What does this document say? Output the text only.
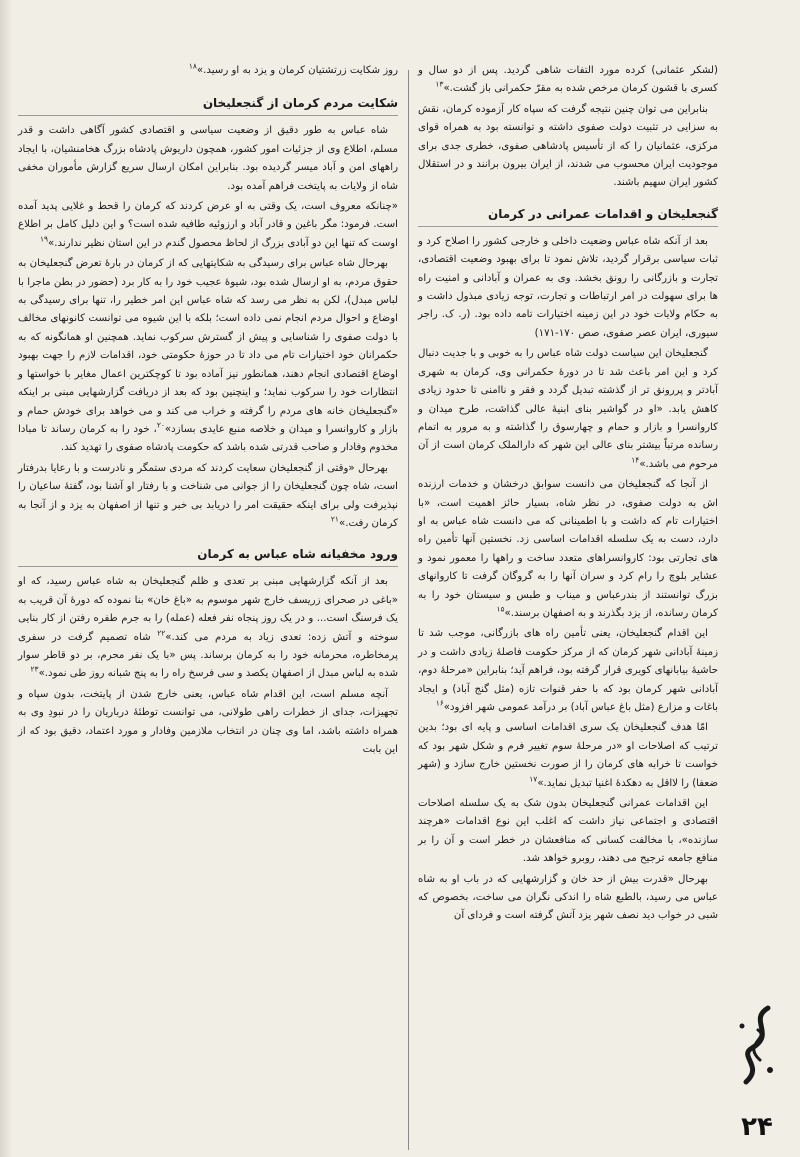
(لشکر عثمانی) کرده مورد التفات شاهی گردید. پس از دو سال و کسری با قشون کرمان مرخص شده به مقرّ حکمرانی باز گشت.»$^{۱۳}$

بنابراین می توان چنین نتیجه گرفت که سپاه کار آزموده کرمان، نقش به سزایی در تثبیت دولت صفوی داشته و توانسته بود به همراه قوای مرکزی، عثمانیان را که از تأسیس پادشاهی صفوی، خطری جدی برای موجودیت ایران محسوب می شدند، از ایران بیرون برانند و در استقلال کشور ایران سهیم باشند.

گنجعلیخان و اقدامات عمرانی در کرمان

بعد از آنکه شاه عباس وضعیت داخلی و خارجی کشور را اصلاح کرد و ثبات سیاسی برقرار گردید، تلاش نمود تا برای بهبود وضعیت اقتصادی، تجارت و بازرگانی را رونق بخشد. وی به عمران و آبادانی و امنیت راه ها برای سهولت در امر ارتباطات و تجارت، توجه زیادی مبذول داشت و به حکام ولایات خود در این زمینه اختیارات تامه داده بود. (ر. ک. راجر سیوری، ایران عصر صفوی، صص ۱۷۰-۱۷۱)

گنجعلیخان این سیاست دولت شاه عباس را به خوبی و با جدیت دنبال کرد و این امر باعث شد تا در دورهٔ حکمرانی وی، کرمان به شهری آبادتر و پررونق تر از گذشته تبدیل گردد و فقر و ناامنی تا حدود زیادی کاهش یابد. «او در گواشیر بنای ابنیهٔ عالی گذاشت، طرح میدان و کاروانسرا و بازار و حمام و چهارسوق را گذاشته و به مرور به اتمام رسانده مرتباً بیشتر بنای عالی این شهر که دارالملک کرمان است از آن مرحوم می باشد.»$^{۱۴}$

از آنجا که گنجعلیخان می دانست سوابق درخشان و خدمات ارزنده اش به دولت صفوی، در نظر شاه، بسیار حائز اهمیت است، «با اختیارات تام که داشت و با اطمینانی که می دانست شاه عباس به او دارد، دست به یک سلسله اقدامات اساسی زد. نخستین آنها تأمین راه های تجارتی بود: کاروانسراهای متعدد ساخت و راهها را معمور نمود و عشایر بلوچ را رام کرد و سران آنها را به گروگان گرفت تا کاروانهای بزرگ توانستند از بندرعباس و میناب و طبس و سیستان خود را به کرمان رسانده، از یزد بگذرند و به اصفهان برسند.»$^{۱۵}$

این اقدام گنجعلیخان، یعنی تأمین راه های بازرگانی، موجب شد تا زمینهٔ آبادانی شهر کرمان که از مرکز حکومت فاصلهٔ زیادی داشت و در حاشیهٔ بیابانهای کویری قرار گرفته بود، فراهم آید؛ بنابراین «مرحلهٔ دوم، آبادانی شهر کرمان بود که با حفر قنوات تازه (مثل گنج آباد) و ایجاد باغات و مزارع (مثل باغ عباس آباد) بر درآمد عمومی شهر افزود»$^{۱۶}$

امّا هدف گنجعلیخان یک سری اقدامات اساسی و پایه ای بود؛ بدین ترتیب که اصلاحات او «در مرحلهٔ سوم تغییر فرم و شکل شهر بود که خواست تا خرابه های کرمان را از صورت نخستین خارج سازد و (شهر ضعفا) را لااقل به دهکدهٔ اغنیا تبدیل نماید.»$^{۱۷}$

این اقدامات عمرانی گنجعلیخان بدون شک به یک سلسله اصلاحات اقتصادی و اجتماعی نیاز داشت که اغلب این نوع اقدامات «هرچند سازنده»، با مخالفت کسانی که منافعشان در خطر است و آن را بر منافع جامعه ترجیح می دهند، روبرو خواهد شد.

بهرحال «قدرت بیش از حد خان و گزارشهایی که در باب او به شاه عباس می رسید، بالطبع شاه را اندکی نگران می ساخت، بخصوص که شبی در خواب دید نصف شهر یزد آتش گرفته است و فردای آن

روز شکایت زرتشتیان کرمان و یزد به او رسید.»$^{۱۸}$

شکایت مردم کرمان از گنجعلیخان

شاه عباس به طور دقیق از وضعیت سیاسی و اقتصادی کشور آگاهی داشت و قدر مسلم، اطلاع وی از جزئیات امور کشور، همچون داریوش پادشاه بزرگ هخامنشیان، با ایجاد راههای امن و آباد میسر گردیده بود. بنابراین امکان ارسال سریع گزارش مأموران مخفی شاه از ولایات به پایتخت فراهم آمده بود.

«چنانکه معروف است، یک وقتی به او عرض کردند که کرمان را قحط و غلایی پدید آمده است. فرمود: مگر باغین و قادر آباد و ارزوئیه طافیه شده است؟ و این دلیل کامل بر اطلاع اوست که تنها این دو آبادی بزرگ از لحاظ محصول گندم در این استان نظیر ندارند.»$^{۱۹}$

بهرحال شاه عباس برای رسیدگی به شکایتهایی که از کرمان در بارهٔ تعرض گنجعلیخان به حقوق مردم، به او ارسال شده بود، شیوهٔ عجیب خود را به کار برد (حضور در بطن ماجرا با لباس مبدل)، لکن به نظر می رسد که شاه عباس این امر خطیر را، تنها برای رسیدگی به اوضاع و احوال مردم انجام نمی داده است؛ بلکه با این شیوه می توانست کانونهای مخالف با دولت صفوی را شناسایی و پیش از گسترش سرکوب نماید. همچنین او همانگونه که به حکمرانان خود اختیارات تام می داد تا در حوزهٔ حکومتی خود، اقدامات لازم را جهت بهبود اوضاع اقتصادی انجام دهند، همانطور نیز آماده بود تا کوچکترین اعمال مغایر با خواستها و انتظارات خود را سرکوب نماید؛ و اینچنین بود که بعد از دریافت گزارشهایی مبنی بر اینکه «گنجعلیخان خانه های مردم را گرفته و خراب می کند و می خواهد برای خودش حمام و بازار و کاروانسرا و میدان و خلاصه منبع عایدی بسازد»$^{۲۰}$، خود را به کرمان رساند تا مبادا مخدوم وفادار و صاحب قدرتی شده باشد که حکومت پادشاه صفوی را تهدید کند.

بهرحال «وقتی از گنجعلیخان سعایت کردند که مردی ستمگر و نادرست و با رعایا بدرفتار است، شاه چون گنجعلیخان را از جوانی می شناخت و با رفتار او آشنا بود، گفتهٔ ساعیان را نپذیرفت ولی برای اینکه حقیقت امر را دریابد بی خبر و تنها از اصفهان به یزد و از آنجا به کرمان رفت.»$^{۲۱}$

ورود مخفیانه شاه عباس به کرمان

بعد از آنکه گزارشهایی مبنی بر تعدی و ظلم گنجعلیخان به شاه عباس رسید، که او «باغی در صحرای زریسف خارج شهر موسوم به «باغ خان» بنا نموده که دورهٔ آن قریب به یک فرسنگ است... و در یک روز پنجاه نفر فعله (عمله) را به جرم طفره رفتن از کار بنایی سوخته و آتش زده: تعدی زیاد به مردم می کند.»$^{۲۲}$ شاه تصمیم گرفت در سفری پرمخاطره، محرمانه خود را به کرمان برساند. پس «با یک نفر محرم، بر دو قاطر سوار شده به لباس مبدل از اصفهان یکصد و سی فرسخ راه را به پنج شبانه روز طی نمود.»$^{۲۳}$

آنچه مسلم است، این اقدام شاه عباس، یعنی خارج شدن از پایتخت، بدون سپاه و تجهیزات، جدای از خطرات راهی طولانی، می توانست توطئهٔ درباریان را در نبودِ وی به همراه داشته باشد، اما وی چنان در انتخاب ملازمین وفادار و مورد اعتماد، دقیق بود که از این بابت

۲۴
